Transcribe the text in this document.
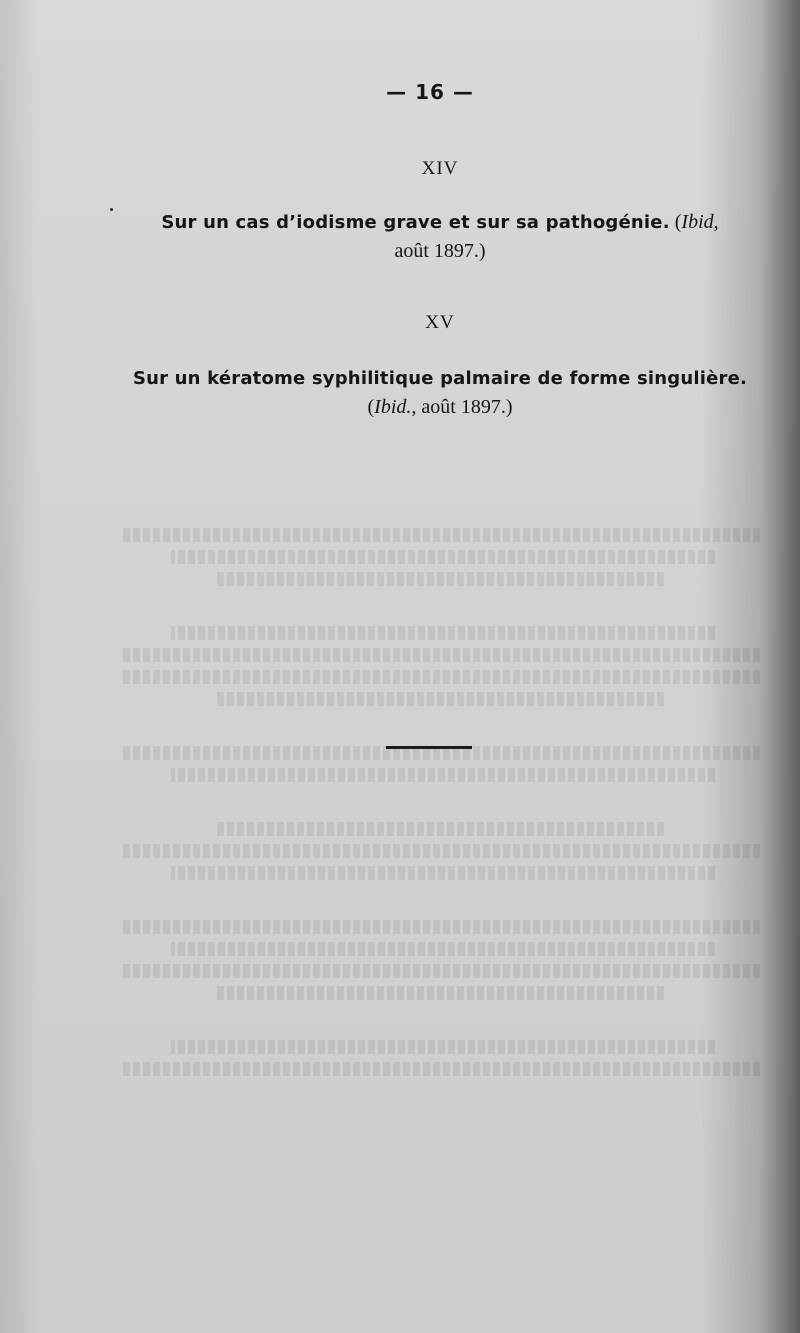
— 16 —
XIV
Sur un cas d’iodisme grave et sur sa pathogénie. (Ibid,
août 1897.)
XV
Sur un kératome syphilitique palmaire de forme singulière.
(Ibid., août 1897.)
